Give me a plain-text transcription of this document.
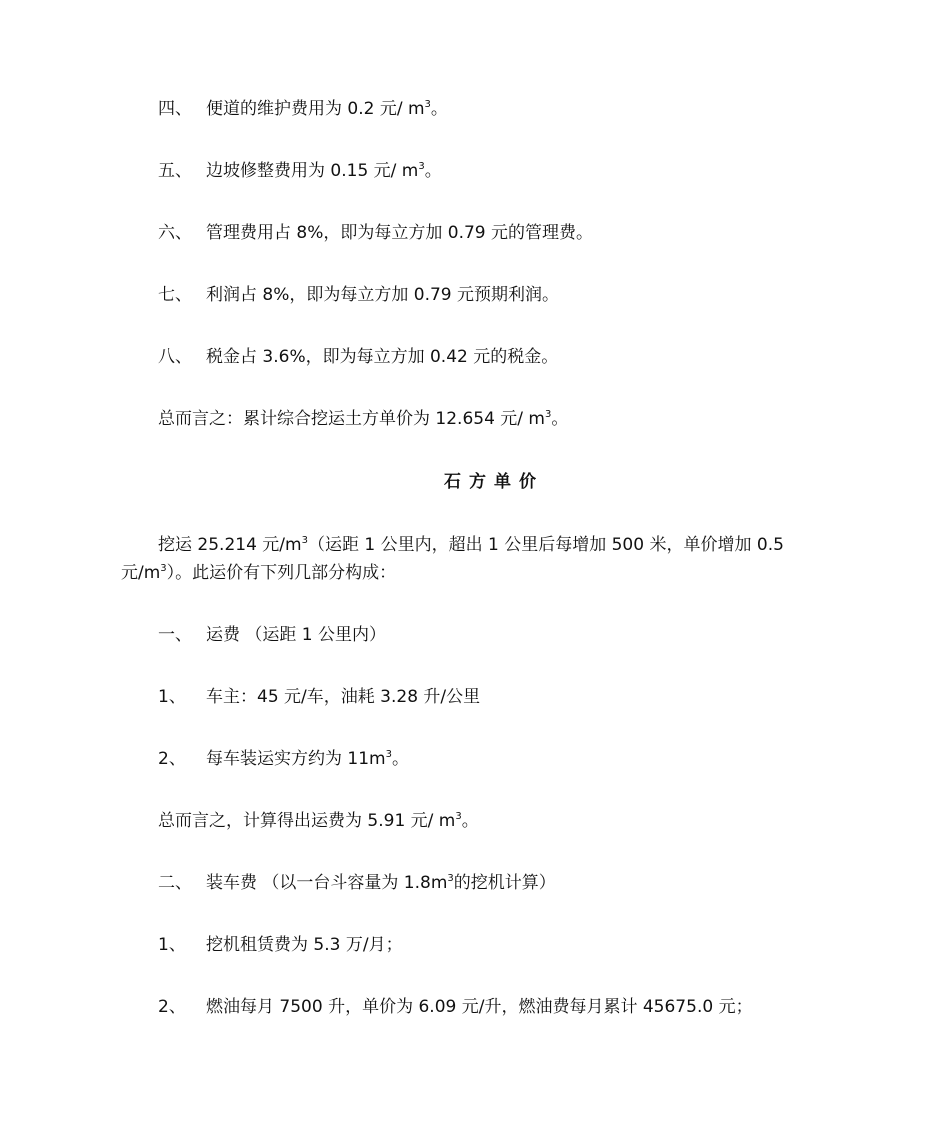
四、 便道的维护费用为 0.2 元/ $m^3$。
五、 边坡修整费用为 0.15 元/ $m^3$。
六、 管理费用占 8%，即为每立方加 0.79 元的管理费。
七、 利润占 8%，即为每立方加 0.79 元预期利润。
八、 税金占 3.6%，即为每立方加 0.42 元的税金。
总而言之：累计综合挖运土方单价为 12.654 元/ $m^3$。
石方单价
挖运 25.214 元$/m^3$（运距 1 公里内，超出 1 公里后每增加 500 米，单价增加 0.5
元$/m^3$）。此运价有下列几部分构成：
一、 运费 （运距 1 公里内）
1、 车主：45 元/车，油耗 3.28 升/公里
2、 每车装运实方约为 $11m^3$。
总而言之，计算得出运费为 5.91 元/ $m^3$。
二、 装车费 （以一台斗容量为 $1.8m^3$的挖机计算）
1、 挖机租赁费为 5.3 万/月；
2、 燃油每月 7500 升，单价为 6.09 元/升，燃油费每月累计 45675.0 元；
